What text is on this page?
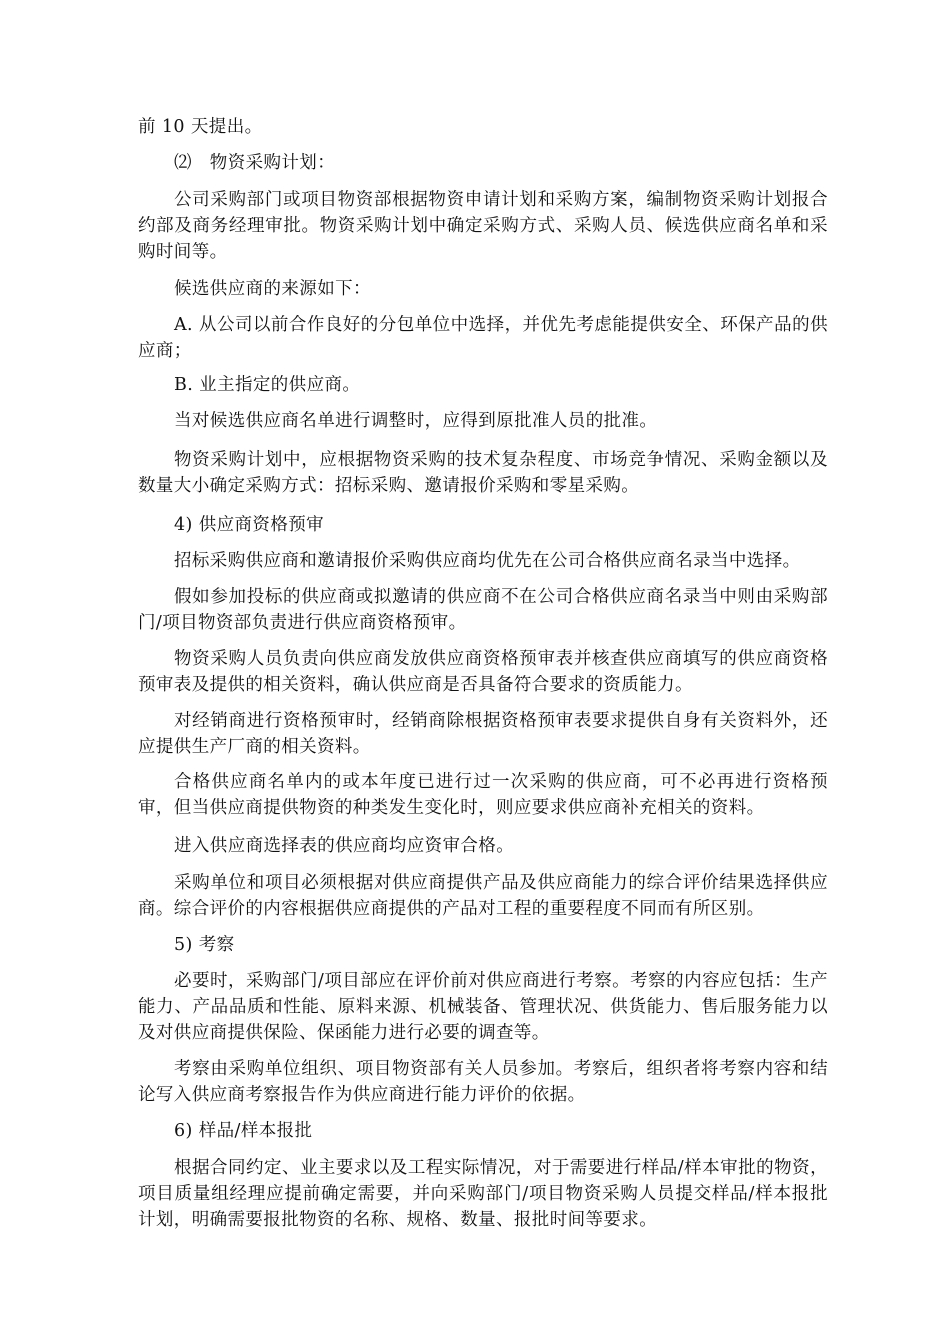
前 10 天提出。

⑵　物资采购计划：

公司采购部门或项目物资部根据物资申请计划和采购方案，编制物资采购计划报合约部及商务经理审批。物资采购计划中确定采购方式、采购人员、候选供应商名单和采购时间等。

候选供应商的来源如下：

A. 从公司以前合作良好的分包单位中选择，并优先考虑能提供安全、环保产品的供应商；

B. 业主指定的供应商。

当对候选供应商名单进行调整时，应得到原批准人员的批准。

物资采购计划中，应根据物资采购的技术复杂程度、市场竞争情况、采购金额以及数量大小确定采购方式：招标采购、邀请报价采购和零星采购。

4) 供应商资格预审

招标采购供应商和邀请报价采购供应商均优先在公司合格供应商名录当中选择。

假如参加投标的供应商或拟邀请的供应商不在公司合格供应商名录当中则由采购部门/项目物资部负责进行供应商资格预审。

物资采购人员负责向供应商发放供应商资格预审表并核查供应商填写的供应商资格预审表及提供的相关资料，确认供应商是否具备符合要求的资质能力。

对经销商进行资格预审时，经销商除根据资格预审表要求提供自身有关资料外，还应提供生产厂商的相关资料。

合格供应商名单内的或本年度已进行过一次采购的供应商，可不必再进行资格预审，但当供应商提供物资的种类发生变化时，则应要求供应商补充相关的资料。

进入供应商选择表的供应商均应资审合格。

采购单位和项目必须根据对供应商提供产品及供应商能力的综合评价结果选择供应商。综合评价的内容根据供应商提供的产品对工程的重要程度不同而有所区别。

5) 考察

必要时，采购部门/项目部应在评价前对供应商进行考察。考察的内容应包括：生产能力、产品品质和性能、原料来源、机械装备、管理状况、供货能力、售后服务能力以及对供应商提供保险、保函能力进行必要的调查等。

考察由采购单位组织、项目物资部有关人员参加。考察后，组织者将考察内容和结论写入供应商考察报告作为供应商进行能力评价的依据。

6) 样品/样本报批

根据合同约定、业主要求以及工程实际情况，对于需要进行样品/样本审批的物资，项目质量组经理应提前确定需要，并向采购部门/项目物资采购人员提交样品/样本报批计划，明确需要报批物资的名称、规格、数量、报批时间等要求。
